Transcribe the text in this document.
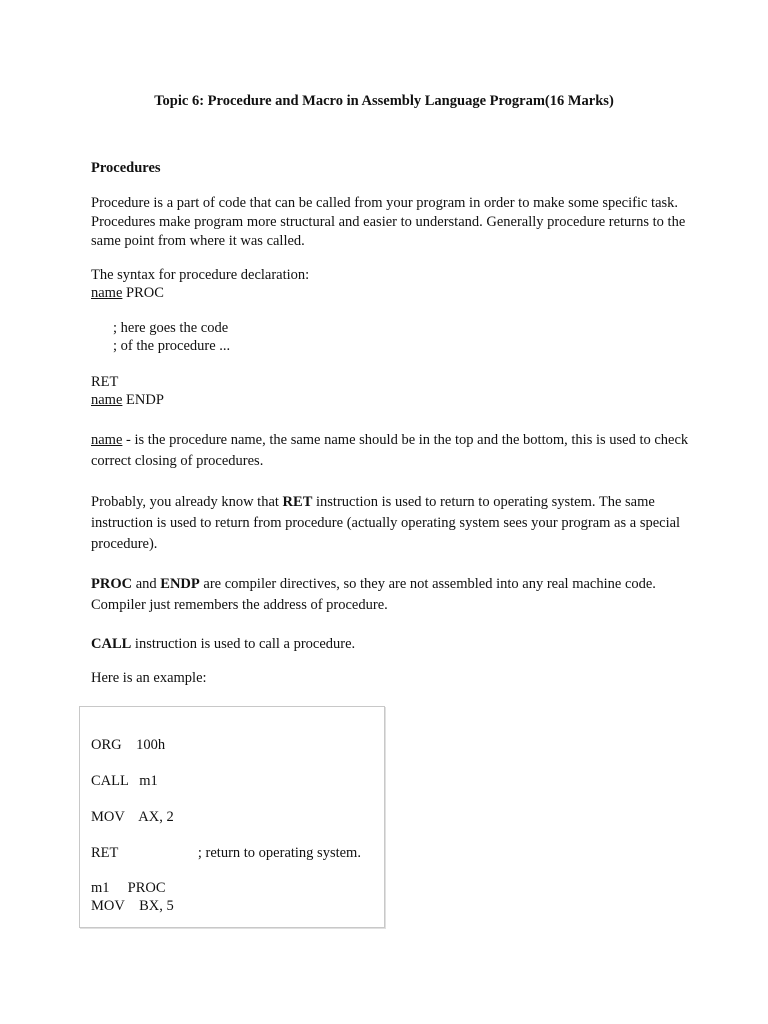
Topic 6: Procedure and Macro in Assembly Language Program(16 Marks)
Procedures
Procedure is a part of code that can be called from your program in order to make some specific task. Procedures make program more structural and easier to understand. Generally procedure returns to the same point from where it was called.
The syntax for procedure declaration:
name PROC
; here goes the code
; of the procedure ...
RET
name ENDP
name - is the procedure name, the same name should be in the top and the bottom, this is used to check correct closing of procedures.
Probably, you already know that RET instruction is used to return to operating system. The same instruction is used to return from procedure (actually operating system sees your program as a special procedure).
PROC and ENDP are compiler directives, so they are not assembled into any real machine code. Compiler just remembers the address of procedure.
CALL instruction is used to call a procedure.
Here is an example:
ORG    100h
CALL   m1
MOV    AX, 2
RET                      ; return to operating system.
m1     PROC
MOV    BX, 5
